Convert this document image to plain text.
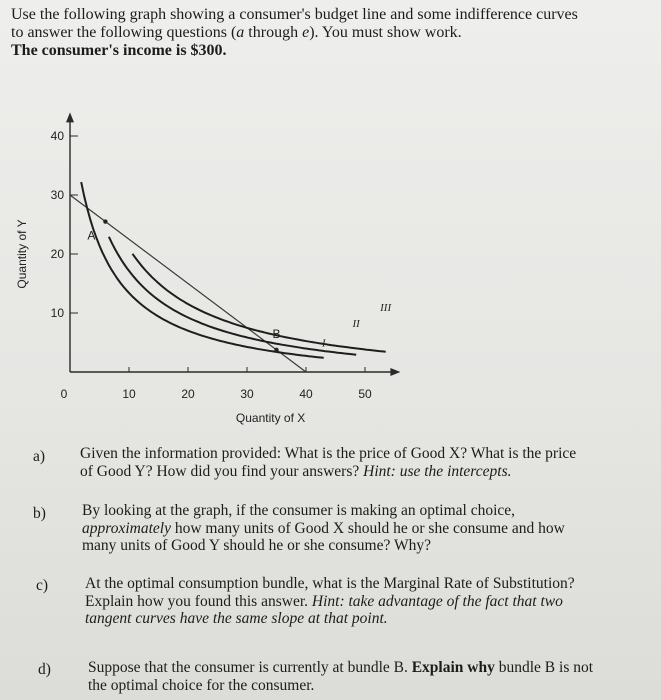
Use the following graph showing a consumer's budget line and some indifference curves
to answer the following questions (a through e). You must show work.
The consumer's income is $300.
10
20
30
40
10	20	30	40	50
0
Quantity of X
Quantity of Y
I
II
III
A
B
a) Given the information provided: What is the price of Good X? What is the price
of Good Y? How did you find your answers? Hint: use the intercepts.
b) By looking at the graph, if the consumer is making an optimal choice,
approximately how many units of Good X should he or she consume and how
many units of Good Y should he or she consume? Why?
c) At the optimal consumption bundle, what is the Marginal Rate of Substitution?
Explain how you found this answer. Hint: take advantage of the fact that two
tangent curves have the same slope at that point.
d) Suppose that the consumer is currently at bundle B. Explain why bundle B is not
the optimal choice for the consumer.
